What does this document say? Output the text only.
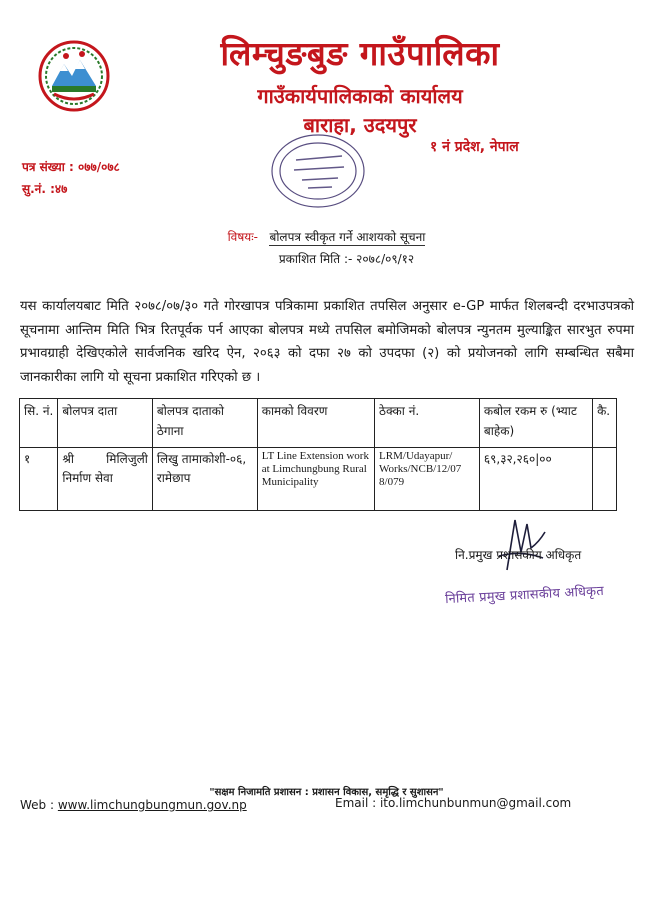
लिम्चुङबुङ गाउँपालिका
गाउँकार्यपालिकाको कार्यालय
बाराहा, उदयपुर
१ नं प्रदेश, नेपाल
पत्र संख्या : ०७७/०७८
सु.नं. :४७
विषयः- बोलपत्र स्वीकृत गर्ने आशयको सूचना
प्रकाशित मिति :- २०७८/०९/१२
यस कार्यालयबाट मिति २०७८/०७/३० गते गोरखापत्र पत्रिकामा प्रकाशित तपसिल अनुसार e-GP मार्फत शिलबन्दी दरभाउपत्रको सूचनामा आन्तिम मिति भित्र रितपूर्वक पर्न आएका बोलपत्र मध्ये तपसिल बमोजिमको बोलपत्र न्युनतम मुल्याङ्कित सारभुत रुपमा प्रभावग्राही देखिएकोले सार्वजनिक खरिद ऐन, २०६३ को दफा २७ को उपदफा (२) को प्रयोजनको लागि सम्बन्धित सबैमा जानकारीका लागि यो सूचना प्रकाशित गरिएको छ ।
सि. नं.	बोलपत्र दाता	बोलपत्र दाताको ठेगाना	कामको विवरण	ठेक्का नं.	कबोल रकम रु (भ्याट बाहेक)	कै.
१	श्री मिलिजुली निर्माण सेवा	लिखु तामाकोशी-०६, रामेछाप	LT Line Extension work at Limchungbung Rural Municipality	LRM/Udayapur/ Works/NCB/12/07 8/079	६९,३२,२६०|००	
नि.प्रमुख प्रशासकीय अधिकृत
निमित प्रमुख प्रशासकीय अधिकृत
"सक्षम निजामति प्रशासन : प्रशासन विकास, समृद्धि र सुशासन"
Web : www.limchungbungmun.gov.np	Email : ito.limchunbunmun@gmail.com
